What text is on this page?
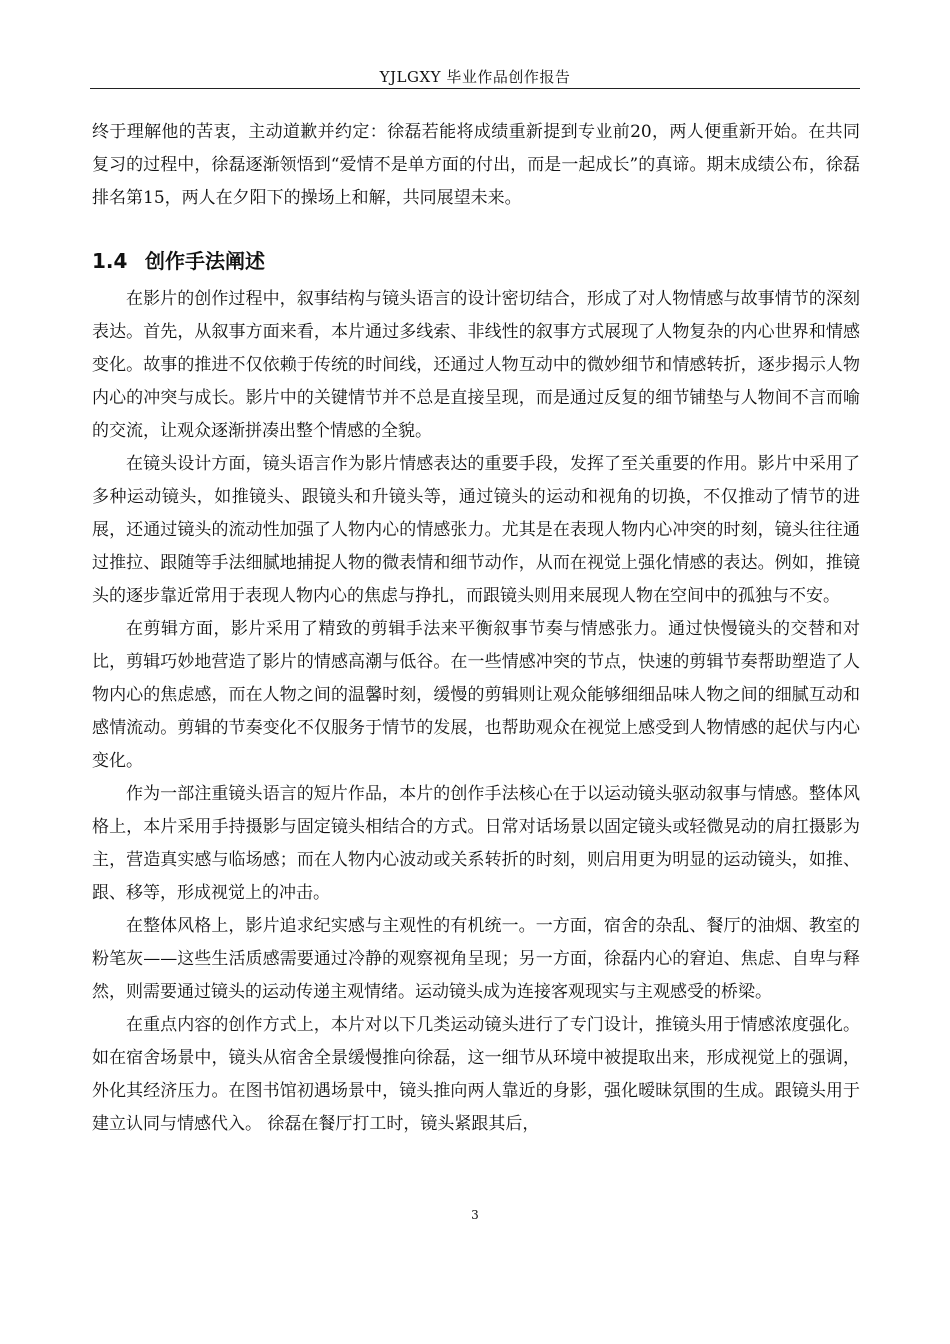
YJLGXY 毕业作品创作报告

终于理解他的苦衷，主动道歉并约定：徐磊若能将成绩重新提到专业前20，两人便重新开始。在共同复习的过程中，徐磊逐渐领悟到“爱情不是单方面的付出，而是一起成长”的真谛。期末成绩公布，徐磊排名第15，两人在夕阳下的操场上和解，共同展望未来。

1.4 创作手法阐述

在影片的创作过程中，叙事结构与镜头语言的设计密切结合，形成了对人物情感与故事情节的深刻表达。首先，从叙事方面来看，本片通过多线索、非线性的叙事方式展现了人物复杂的内心世界和情感变化。故事的推进不仅依赖于传统的时间线，还通过人物互动中的微妙细节和情感转折，逐步揭示人物内心的冲突与成长。影片中的关键情节并不总是直接呈现，而是通过反复的细节铺垫与人物间不言而喻的交流，让观众逐渐拼凑出整个情感的全貌。

在镜头设计方面，镜头语言作为影片情感表达的重要手段，发挥了至关重要的作用。影片中采用了多种运动镜头，如推镜头、跟镜头和升镜头等，通过镜头的运动和视角的切换，不仅推动了情节的进展，还通过镜头的流动性加强了人物内心的情感张力。尤其是在表现人物内心冲突的时刻，镜头往往通过推拉、跟随等手法细腻地捕捉人物的微表情和细节动作，从而在视觉上强化情感的表达。例如，推镜头的逐步靠近常用于表现人物内心的焦虑与挣扎，而跟镜头则用来展现人物在空间中的孤独与不安。

在剪辑方面，影片采用了精致的剪辑手法来平衡叙事节奏与情感张力。通过快慢镜头的交替和对比，剪辑巧妙地营造了影片的情感高潮与低谷。在一些情感冲突的节点，快速的剪辑节奏帮助塑造了人物内心的焦虑感，而在人物之间的温馨时刻，缓慢的剪辑则让观众能够细细品味人物之间的细腻互动和感情流动。剪辑的节奏变化不仅服务于情节的发展，也帮助观众在视觉上感受到人物情感的起伏与内心变化。

作为一部注重镜头语言的短片作品，本片的创作手法核心在于以运动镜头驱动叙事与情感。整体风格上，本片采用手持摄影与固定镜头相结合的方式。日常对话场景以固定镜头或轻微晃动的肩扛摄影为主，营造真实感与临场感；而在人物内心波动或关系转折的时刻，则启用更为明显的运动镜头，如推、跟、移等，形成视觉上的冲击。

在整体风格上，影片追求纪实感与主观性的有机统一。一方面，宿舍的杂乱、餐厅的油烟、教室的粉笔灰——这些生活质感需要通过冷静的观察视角呈现；另一方面，徐磊内心的窘迫、焦虑、自卑与释然，则需要通过镜头的运动传递主观情绪。运动镜头成为连接客观现实与主观感受的桥梁。

在重点内容的创作方式上，本片对以下几类运动镜头进行了专门设计，推镜头用于情感浓度强化。如在宿舍场景中，镜头从宿舍全景缓慢推向徐磊，这一细节从环境中被提取出来，形成视觉上的强调，外化其经济压力。在图书馆初遇场景中，镜头推向两人靠近的身影，强化暧昧氛围的生成。跟镜头用于建立认同与情感代入。 徐磊在餐厅打工时，镜头紧跟其后，

3
